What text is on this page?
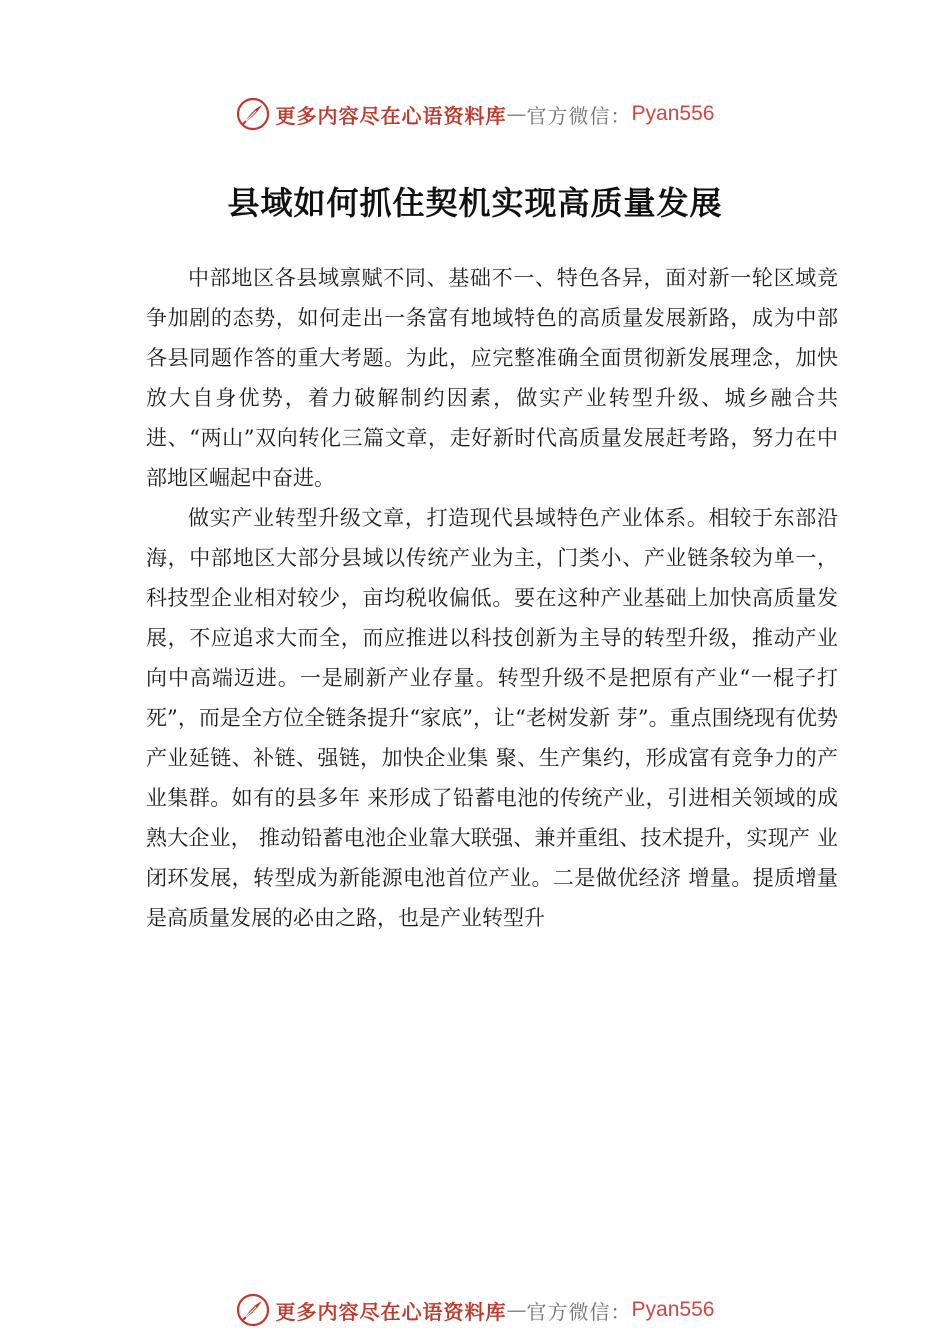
更多内容尽在心语资料库 — 官方微信： Pyan556
县域如何抓住契机实现高质量发展

中部地区各县域禀赋不同、基础不一、特色各异，面对新一轮区域竞争加剧的态势，如何走出一条富有地域特色的高质量发展新路，成为中部各县同题作答的重大考题。为此，应完整准确全面贯彻新发展理念，加快放大自身优势，着力破解制约因素，做实产业转型升级、城乡融合共进、“两山”双向转化三篇文章，走好新时代高质量发展赶考路，努力在中部地区崛起中奋进。

做实产业转型升级文章，打造现代县域特色产业体系。相较于东部沿海，中部地区大部分县域以传统产业为主，门类小、产业链条较为单一，科技型企业相对较少，亩均税收偏低。要在这种产业基础上加快高质量发展，不应追求大而全，而应推进以科技创新为主导的转型升级，推动产业向中高端迈进。一是刷新产业存量。转型升级不是把原有产业“一棍子打死”，而是全方位全链条提升“家底”，让“老树发新 芽”。重点围绕现有优势产业延链、补链、强链，加快企业集 聚、生产集约，形成富有竞争力的产业集群。如有的县多年 来形成了铅蓄电池的传统产业，引进相关领域的成熟大企业， 推动铅蓄电池企业靠大联强、兼并重组、技术提升，实现产 业闭环发展，转型成为新能源电池首位产业。二是做优经济 增量。提质增量是高质量发展的必由之路，也是产业转型升

更多内容尽在心语资料库 — 官方微信： Pyan556
